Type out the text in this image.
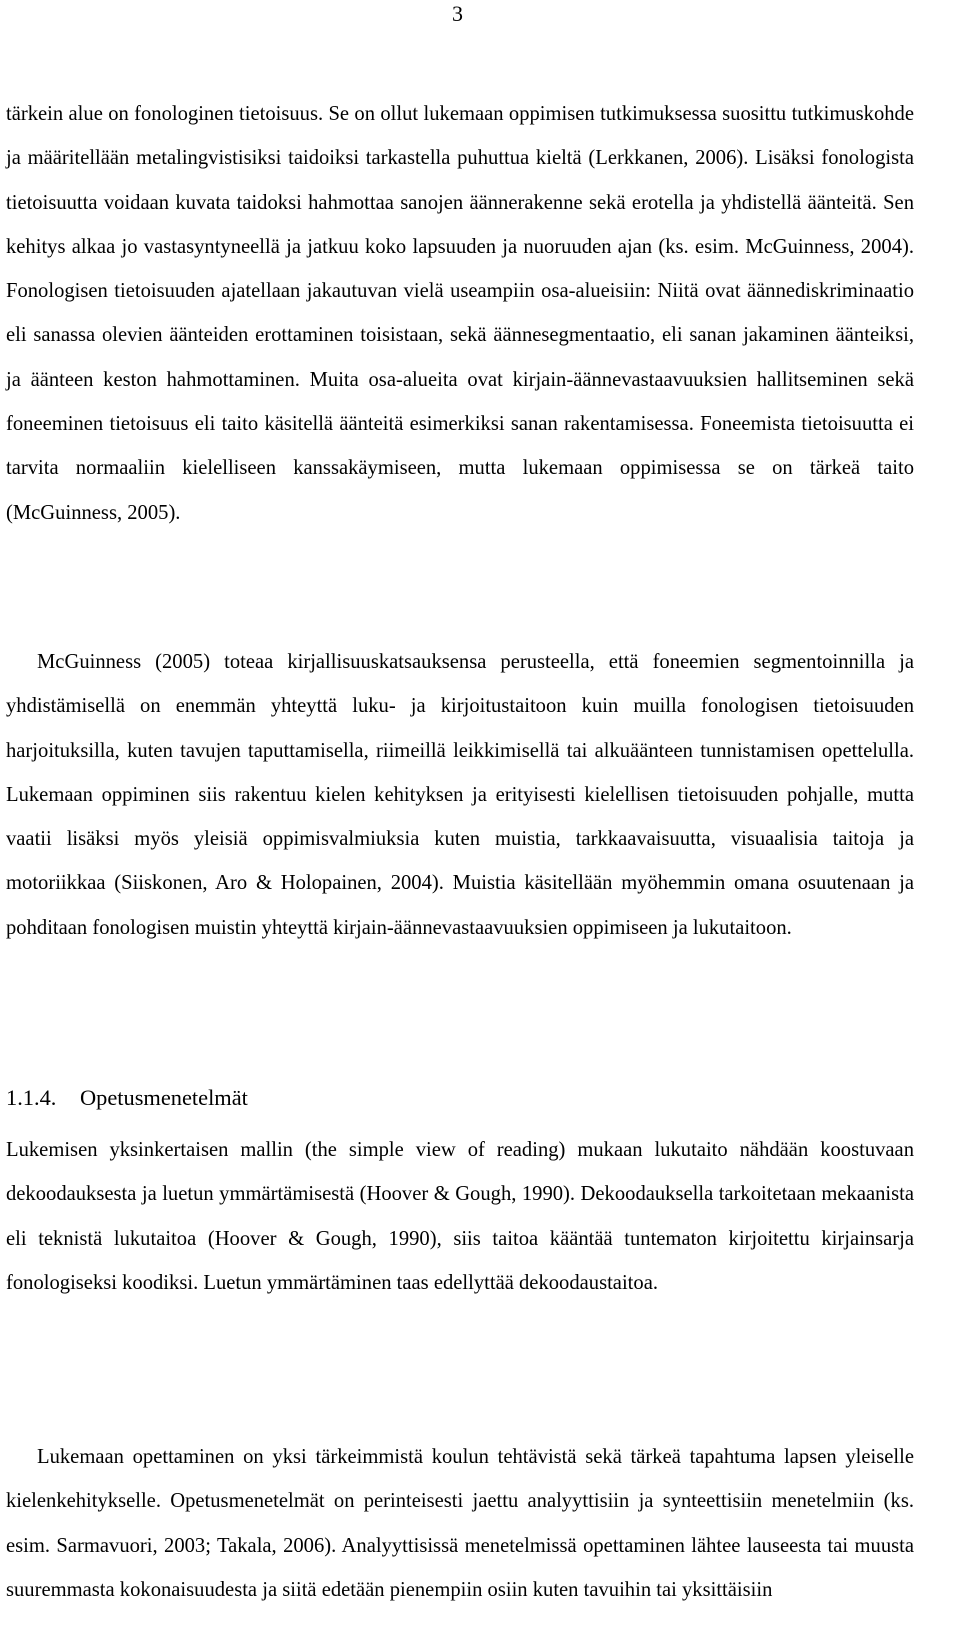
3

tärkein alue on fonologinen tietoisuus. Se on ollut lukemaan oppimisen tutkimuksessa suosittu tutkimuskohde ja määritellään metalingvistisiksi taidoiksi tarkastella puhuttua kieltä (Lerkkanen, 2006). Lisäksi fonologista tietoisuutta voidaan kuvata taidoksi hahmottaa sanojen äännerakenne sekä erotella ja yhdistellä äänteitä. Sen kehitys alkaa jo vastasyntyneellä ja jatkuu koko lapsuuden ja nuoruuden ajan (ks. esim. McGuinness, 2004). Fonologisen tietoisuuden ajatellaan jakautuvan vielä useampiin osa-alueisiin: Niitä ovat äännediskriminaatio eli sanassa olevien äänteiden erottaminen toisistaan, sekä äännesegmentaatio, eli sanan jakaminen äänteiksi, ja äänteen keston hahmottaminen. Muita osa-alueita ovat kirjain-äännevastaavuuksien hallitseminen sekä foneeminen tietoisuus eli taito käsitellä äänteitä esimerkiksi sanan rakentamisessa. Foneemista tietoisuutta ei tarvita normaaliin kielelliseen kanssakäymiseen, mutta lukemaan oppimisessa se on tärkeä taito (McGuinness, 2005).

McGuinness (2005) toteaa kirjallisuuskatsauksensa perusteella, että foneemien segmentoinnilla ja yhdistämisellä on enemmän yhteyttä luku- ja kirjoitustaitoon kuin muilla fonologisen tietoisuuden harjoituksilla, kuten tavujen taputtamisella, riimeillä leikkimisellä tai alkuäänteen tunnistamisen opettelulla. Lukemaan oppiminen siis rakentuu kielen kehityksen ja erityisesti kielellisen tietoisuuden pohjalle, mutta vaatii lisäksi myös yleisiä oppimisvalmiuksia kuten muistia, tarkkaavaisuutta, visuaalisia taitoja ja motoriikkaa (Siiskonen, Aro & Holopainen, 2004). Muistia käsitellään myöhemmin omana osuutenaan ja pohditaan fonologisen muistin yhteyttä kirjain-äännevastaavuuksien oppimiseen ja lukutaitoon.

1.1.4. Opetusmenetelmät

Lukemisen yksinkertaisen mallin (the simple view of reading) mukaan lukutaito nähdään koostuvaan dekoodauksesta ja luetun ymmärtämisestä (Hoover & Gough, 1990). Dekoodauksella tarkoitetaan mekaanista eli teknistä lukutaitoa (Hoover & Gough, 1990), siis taitoa kääntää tuntematon kirjoitettu kirjainsarja fonologiseksi koodiksi. Luetun ymmärtäminen taas edellyttää dekoodaustaitoa.

Lukemaan opettaminen on yksi tärkeimmistä koulun tehtävistä sekä tärkeä tapahtuma lapsen yleiselle kielenkehitykselle. Opetusmenetelmät on perinteisesti jaettu analyyttisiin ja synteettisiin menetelmiin (ks. esim. Sarmavuori, 2003; Takala, 2006). Analyyttisissä menetelmissä opettaminen lähtee lauseesta tai muusta suuremmasta kokonaisuudesta ja siitä edetään pienempiin osiin kuten tavuihin tai yksittäisiin
